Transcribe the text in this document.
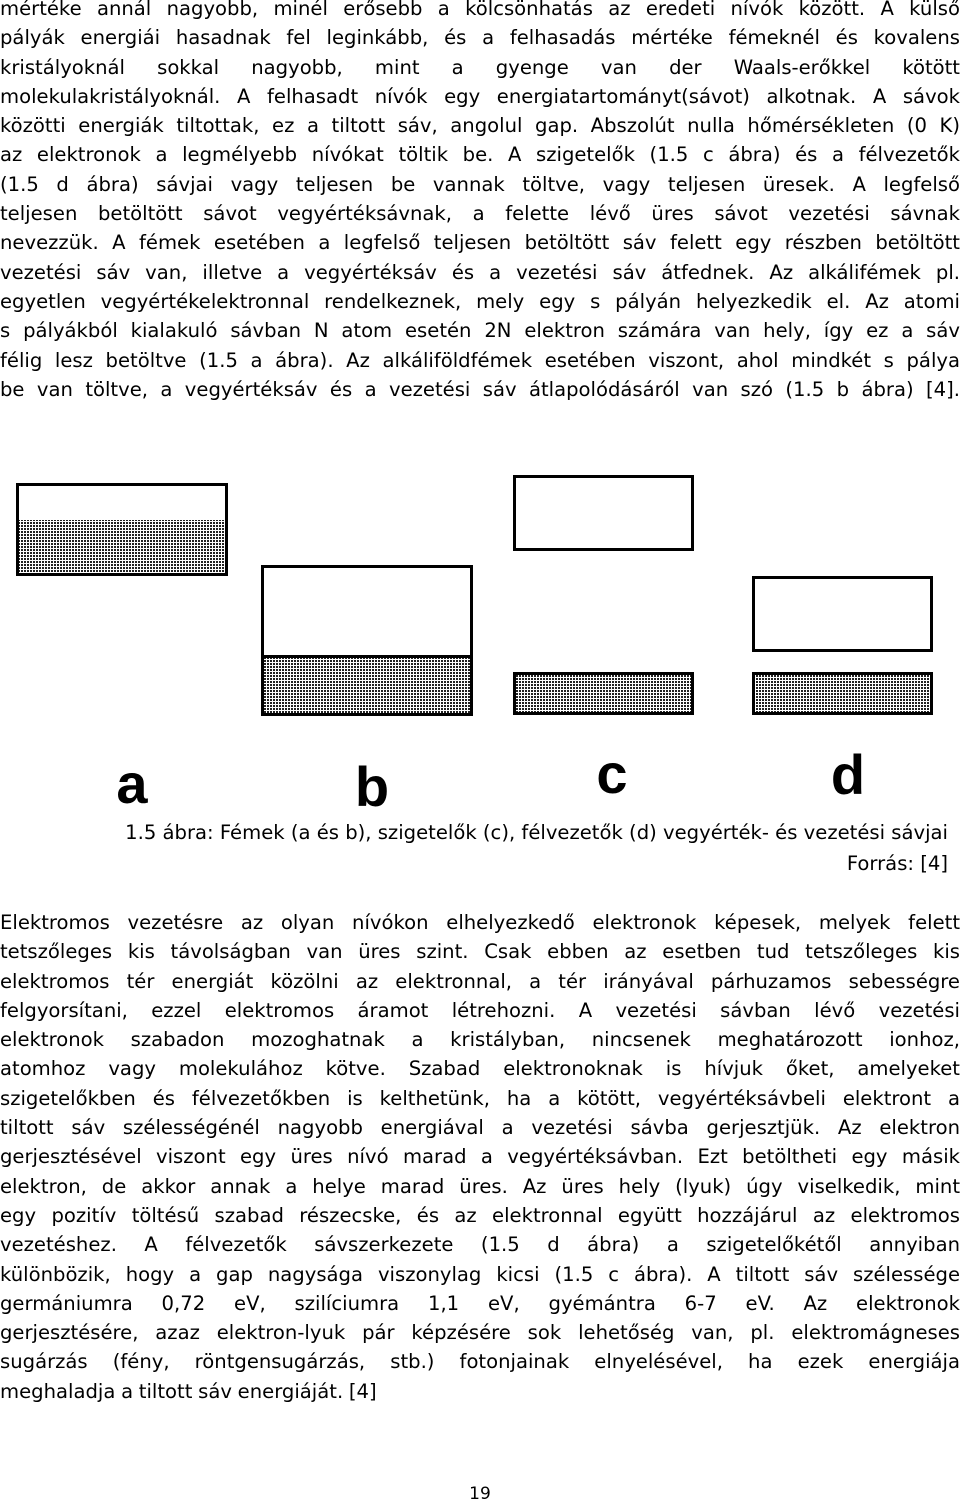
mértéke annál nagyobb, minél erősebb a kölcsönhatás az eredeti nívók között. A külső
pályák energiái hasadnak fel leginkább, és a felhasadás mértéke fémeknél és kovalens
kristályoknál sokkal nagyobb, mint a gyenge van der Waals-erőkkel kötött
molekulakristályoknál. A felhasadt nívók egy energiatartományt(sávot) alkotnak. A sávok
közötti energiák tiltottak, ez a tiltott sáv, angolul gap. Abszolút nulla hőmérsékleten (0 K)
az elektronok a legmélyebb nívókat töltik be. A szigetelők (1.5 c ábra) és a félvezetők
(1.5 d ábra) sávjai vagy teljesen be vannak töltve, vagy teljesen üresek. A legfelső
teljesen betöltött sávot vegyértéksávnak, a felette lévő üres sávot vezetési sávnak
nevezzük. A fémek esetében a legfelső teljesen betöltött sáv felett egy részben betöltött
vezetési sáv van, illetve a vegyértéksáv és a vezetési sáv átfednek. Az alkálifémek pl.
egyetlen vegyértékelektronnal rendelkeznek, mely egy s pályán helyezkedik el. Az atomi
s pályákból kialakuló sávban N atom esetén 2N elektron számára van hely, így ez a sáv
félig lesz betöltve (1.5 a ábra). Az alkáliföldfémek esetében viszont, ahol mindkét s pálya
be van töltve, a vegyértéksáv és a vezetési sáv átlapolódásáról van szó (1.5 b ábra) [4].
a	b	c	d
1.5 ábra: Fémek (a és b), szigetelők (c), félvezetők (d) vegyérték- és vezetési sávjai
Forrás: [4]
Elektromos vezetésre az olyan nívókon elhelyezkedő elektronok képesek, melyek felett
tetszőleges kis távolságban van üres szint. Csak ebben az esetben tud tetszőleges kis
elektromos tér energiát közölni az elektronnal, a tér irányával párhuzamos sebességre
felgyorsítani, ezzel elektromos áramot létrehozni. A vezetési sávban lévő vezetési
elektronok szabadon mozoghatnak a kristályban, nincsenek meghatározott ionhoz,
atomhoz vagy molekulához kötve. Szabad elektronoknak is hívjuk őket, amelyeket
szigetelőkben és félvezetőkben is kelthetünk, ha a kötött, vegyértéksávbeli elektront a
tiltott sáv szélességénél nagyobb energiával a vezetési sávba gerjesztjük. Az elektron
gerjesztésével viszont egy üres nívó marad a vegyértéksávban. Ezt betöltheti egy másik
elektron, de akkor annak a helye marad üres. Az üres hely (lyuk) úgy viselkedik, mint
egy pozitív töltésű szabad részecske, és az elektronnal együtt hozzájárul az elektromos
vezetéshez. A félvezetők sávszerkezete (1.5 d ábra) a szigetelőkétől annyiban
különbözik, hogy a gap nagysága viszonylag kicsi (1.5 c ábra). A tiltott sáv szélessége
germániumra 0,72 eV, szilíciumra 1,1 eV, gyémántra 6-7 eV. Az elektronok
gerjesztésére, azaz elektron-lyuk pár képzésére sok lehetőség van, pl. elektromágneses
sugárzás (fény, röntgensugárzás, stb.) fotonjainak elnyelésével, ha ezek energiája
meghaladja a tiltott sáv energiáját. [4]
19
